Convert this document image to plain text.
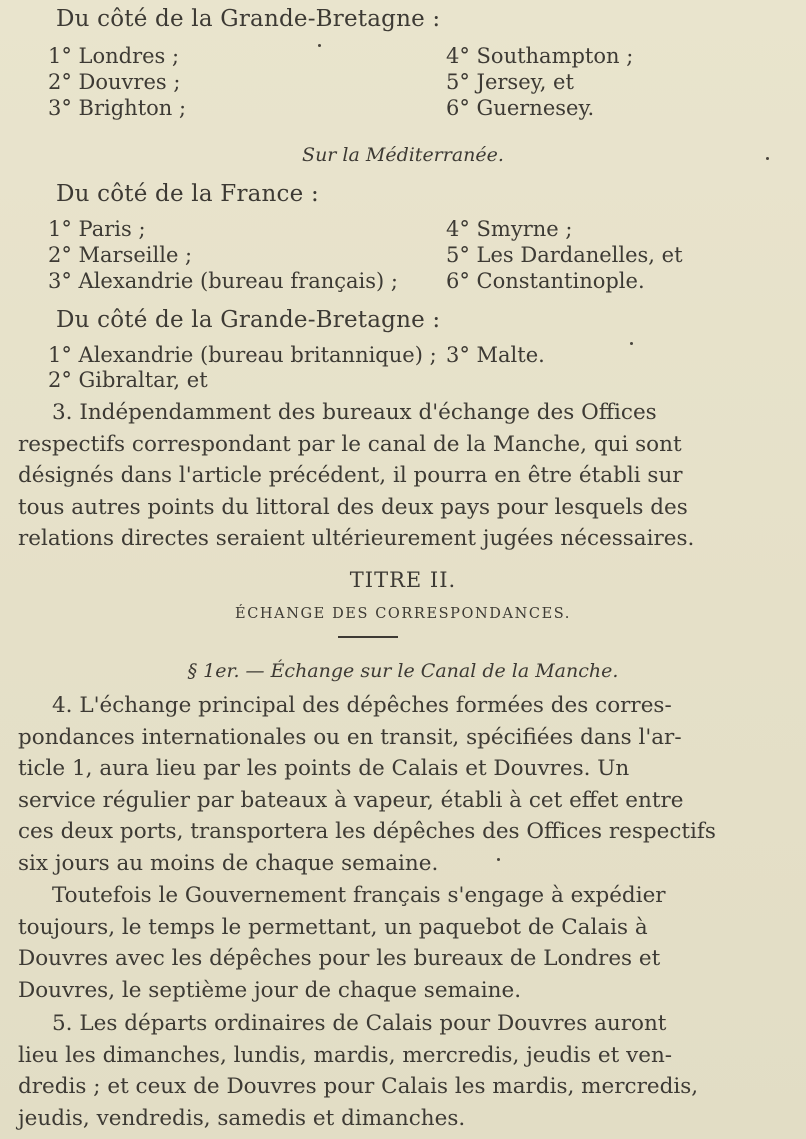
Du côté de la Grande-Bretagne :
1° Londres ;
2° Douvres ;
3° Brighton ;
4° Southampton ;
5° Jersey, et
6° Guernesey.
Sur la Méditerranée.
Du côté de la France :
1° Paris ;
2° Marseille ;
3° Alexandrie (bureau français) ;
4° Smyrne ;
5° Les Dardanelles, et
6° Constantinople.
Du côté de la Grande-Bretagne :
1° Alexandrie (bureau britannique) ; 3° Malte.
2° Gibraltar, et
3. Indépendamment des bureaux d'échange des Offices
respectifs correspondant par le canal de la Manche, qui sont
désignés dans l'article précédent, il pourra en être établi sur
tous autres points du littoral des deux pays pour lesquels des
relations directes seraient ultérieurement jugées nécessaires.
TITRE II.
ÉCHANGE DES CORRESPONDANCES.
§ 1er. — Échange sur le Canal de la Manche.
4. L'échange principal des dépêches formées des corres-
pondances internationales ou en transit, spécifiées dans l'ar-
ticle 1, aura lieu par les points de Calais et Douvres. Un
service régulier par bateaux à vapeur, établi à cet effet entre
ces deux ports, transportera les dépêches des Offices respectifs
six jours au moins de chaque semaine.
Toutefois le Gouvernement français s'engage à expédier
toujours, le temps le permettant, un paquebot de Calais à
Douvres avec les dépêches pour les bureaux de Londres et
Douvres, le septième jour de chaque semaine.
5. Les départs ordinaires de Calais pour Douvres auront
lieu les dimanches, lundis, mardis, mercredis, jeudis et ven-
dredis ; et ceux de Douvres pour Calais les mardis, mercredis,
jeudis, vendredis, samedis et dimanches.
